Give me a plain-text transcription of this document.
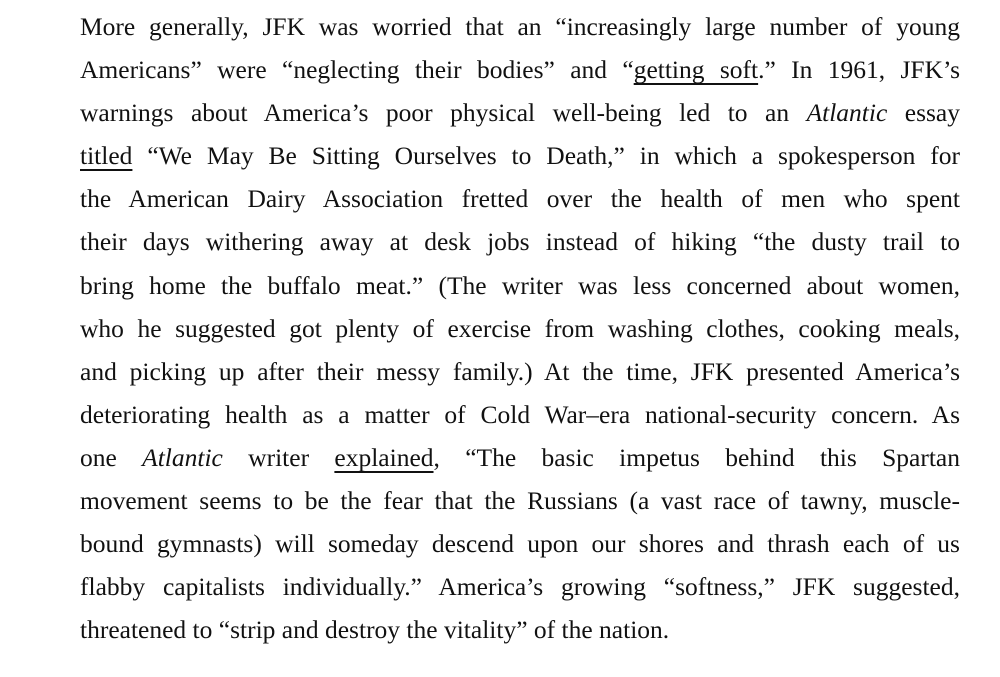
More generally, JFK was worried that an “increasingly large number of young
Americans” were “neglecting their bodies” and “getting soft.” In 1961, JFK’s
warnings about America’s poor physical well-being led to an Atlantic essay
titled “We May Be Sitting Ourselves to Death,” in which a spokesperson for
the American Dairy Association fretted over the health of men who spent
their days withering away at desk jobs instead of hiking “the dusty trail to
bring home the buffalo meat.” (The writer was less concerned about women,
who he suggested got plenty of exercise from washing clothes, cooking meals,
and picking up after their messy family.) At the time, JFK presented America’s
deteriorating health as a matter of Cold War–era national-security concern. As
one Atlantic writer explained, “The basic impetus behind this Spartan
movement seems to be the fear that the Russians (a vast race of tawny, muscle-
bound gymnasts) will someday descend upon our shores and thrash each of us
flabby capitalists individually.” America’s growing “softness,” JFK suggested,
threatened to “strip and destroy the vitality” of the nation.
